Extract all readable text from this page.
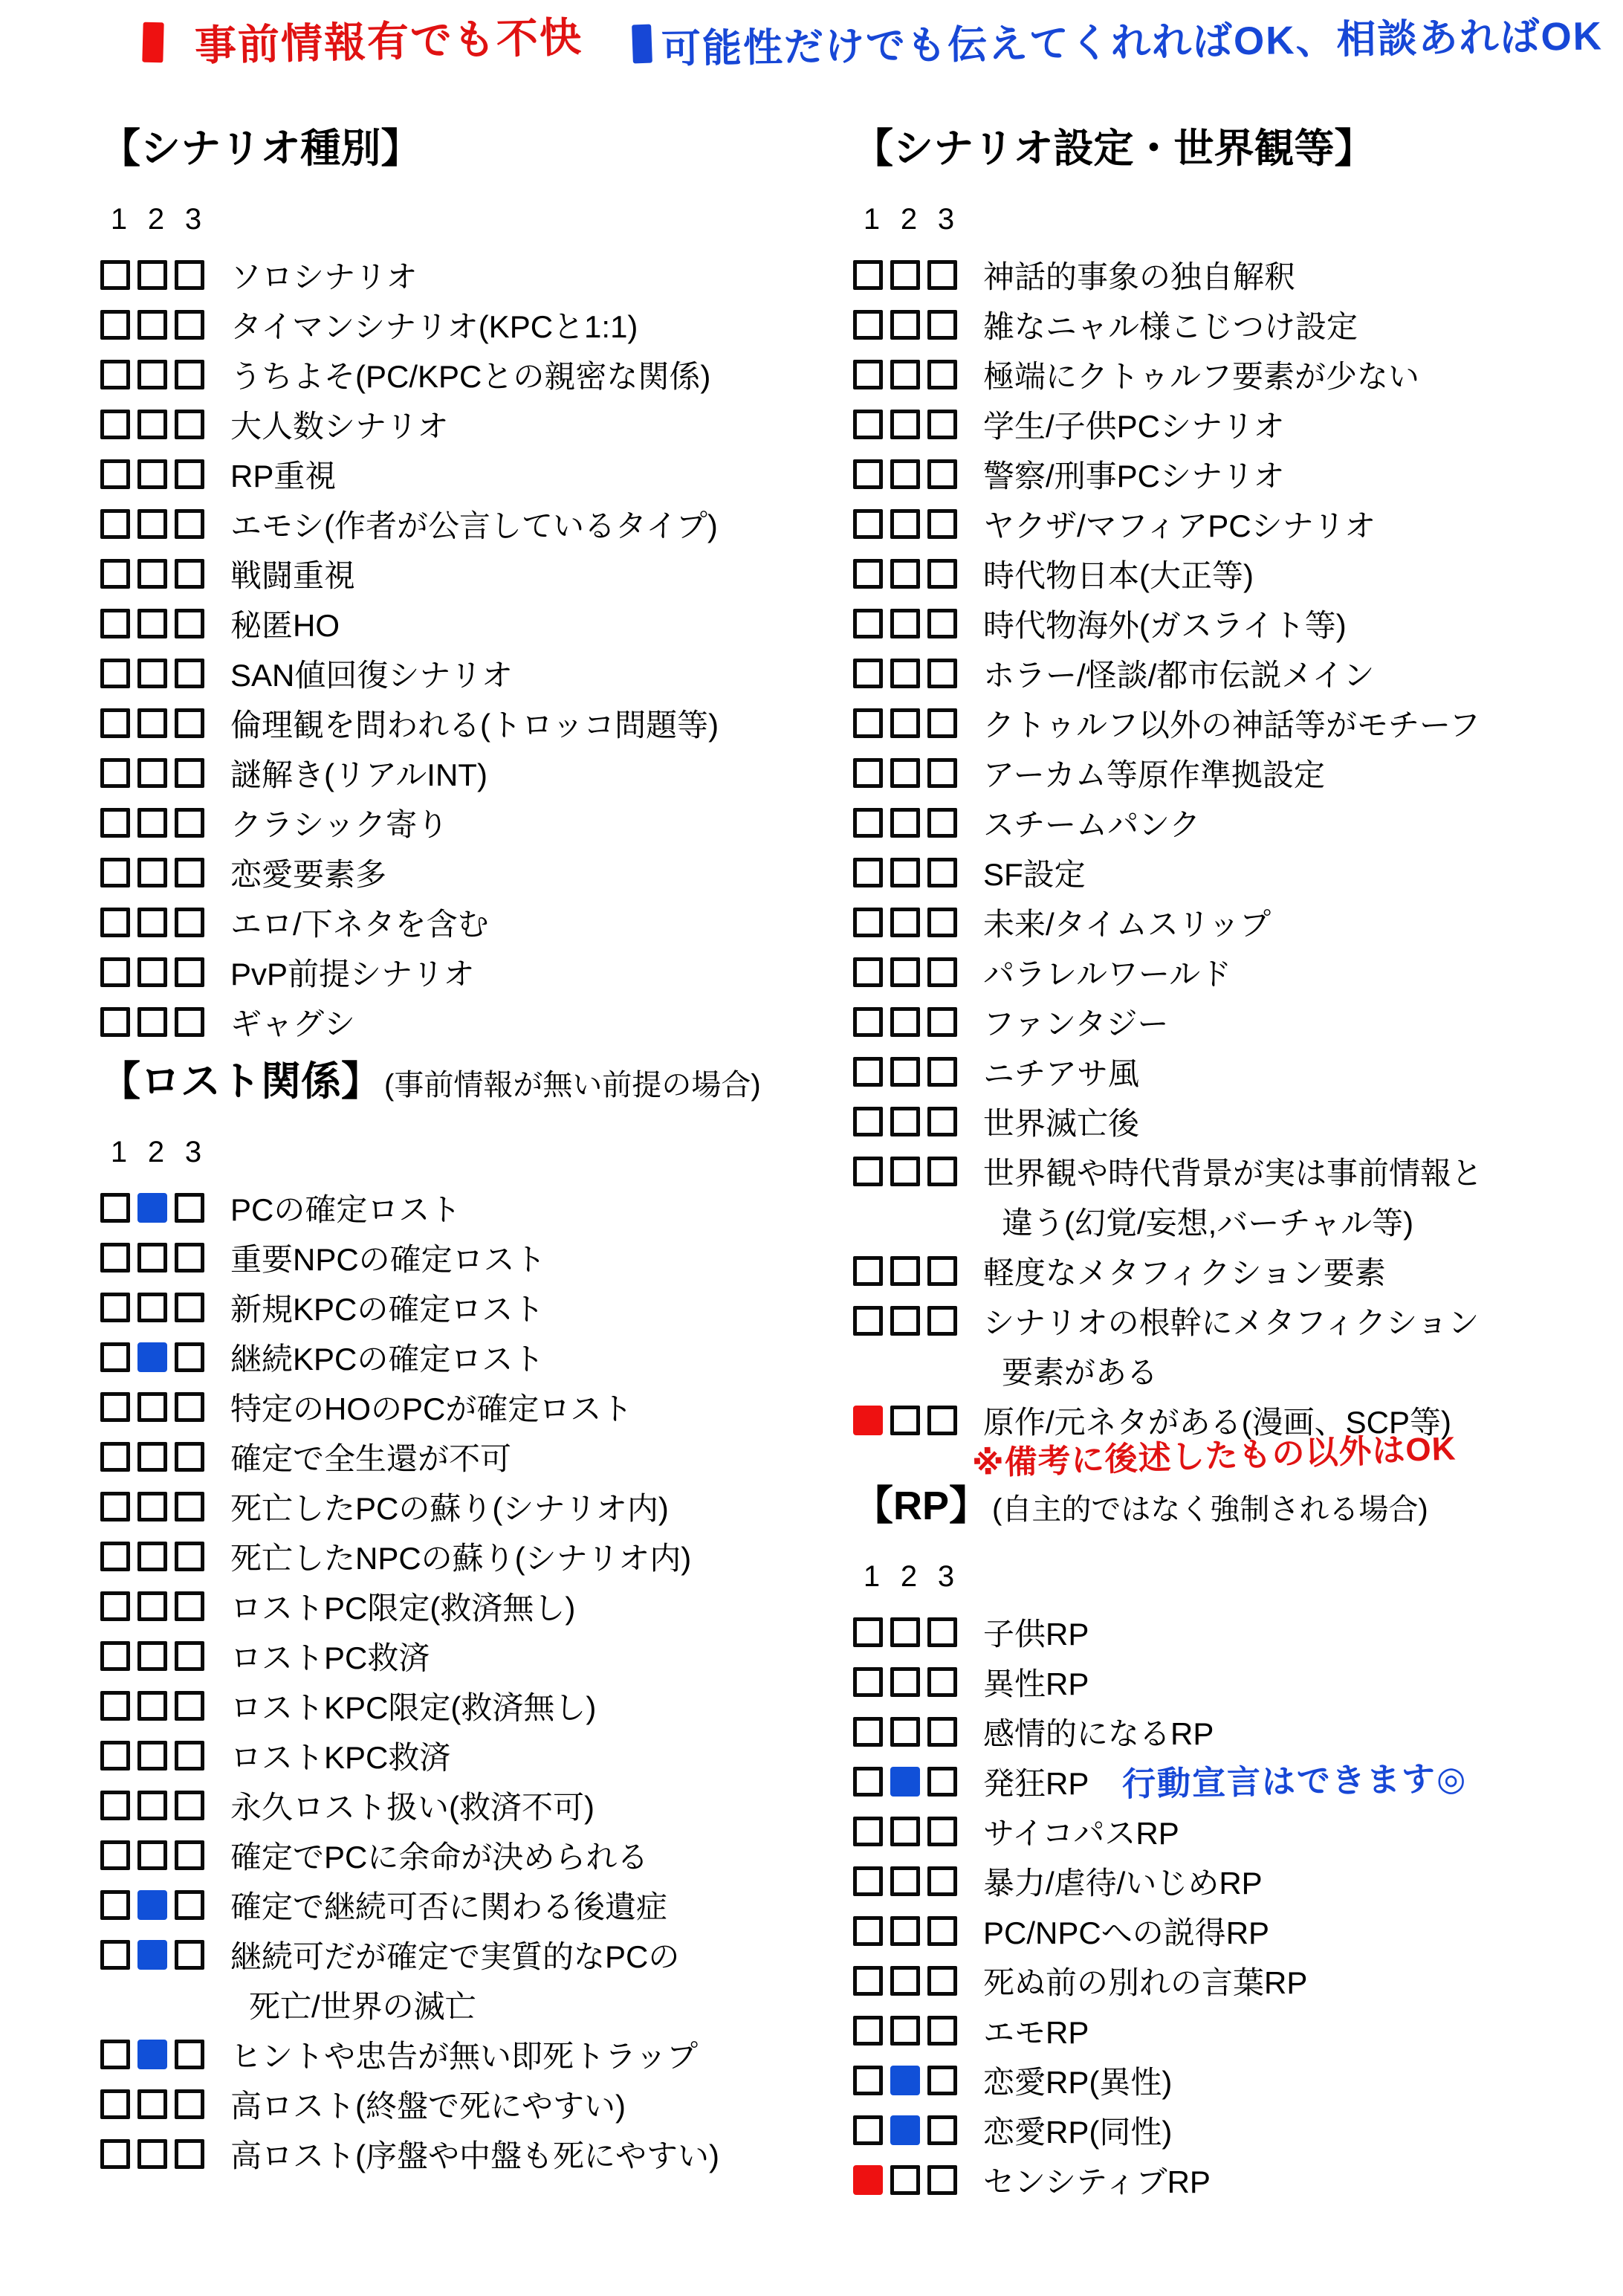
事前情報有でも不快 可能性だけでも伝えてくれればOK、相談あればOK
【シナリオ種別】
1 2 3
ソロシナリオ
タイマンシナリオ(KPCと1:1)
うちよそ(PC/KPCとの親密な関係)
大人数シナリオ
RP重視
エモシ(作者が公言しているタイプ)
戦闘重視
秘匿HO
SAN値回復シナリオ
倫理観を問われる(トロッコ問題等)
謎解き(リアルINT)
クラシック寄り
恋愛要素多
エロ/下ネタを含む
PvP前提シナリオ
ギャグシ
【ロスト関係】 (事前情報が無い前提の場合)
1 2 3
PCの確定ロスト
重要NPCの確定ロスト
新規KPCの確定ロスト
継続KPCの確定ロスト
特定のHOのPCが確定ロスト
確定で全生還が不可
死亡したPCの蘇り(シナリオ内)
死亡したNPCの蘇り(シナリオ内)
ロストPC限定(救済無し)
ロストPC救済
ロストKPC限定(救済無し)
ロストKPC救済
永久ロスト扱い(救済不可)
確定でPCに余命が決められる
確定で継続可否に関わる後遺症
継続可だが確定で実質的なPCの
死亡/世界の滅亡
ヒントや忠告が無い即死トラップ
高ロスト(終盤で死にやすい)
高ロスト(序盤や中盤も死にやすい)
【シナリオ設定・世界観等】
1 2 3
神話的事象の独自解釈
雑なニャル様こじつけ設定
極端にクトゥルフ要素が少ない
学生/子供PCシナリオ
警察/刑事PCシナリオ
ヤクザ/マフィアPCシナリオ
時代物日本(大正等)
時代物海外(ガスライト等)
ホラー/怪談/都市伝説メイン
クトゥルフ以外の神話等がモチーフ
アーカム等原作準拠設定
スチームパンク
SF設定
未来/タイムスリップ
パラレルワールド
ファンタジー
ニチアサ風
世界滅亡後
世界観や時代背景が実は事前情報と
違う(幻覚/妄想,バーチャル等)
軽度なメタフィクション要素
シナリオの根幹にメタフィクション
要素がある
原作/元ネタがある(漫画、SCP等)
※備考に後述したもの以外はOK
【RP】 (自主的ではなく強制される場合)
1 2 3
子供RP
異性RP
感情的になるRP
発狂RP 行動宣言はできます◎
サイコパスRP
暴力/虐待/いじめRP
PC/NPCへの説得RP
死ぬ前の別れの言葉RP
エモRP
恋愛RP(異性)
恋愛RP(同性)
センシティブRP
